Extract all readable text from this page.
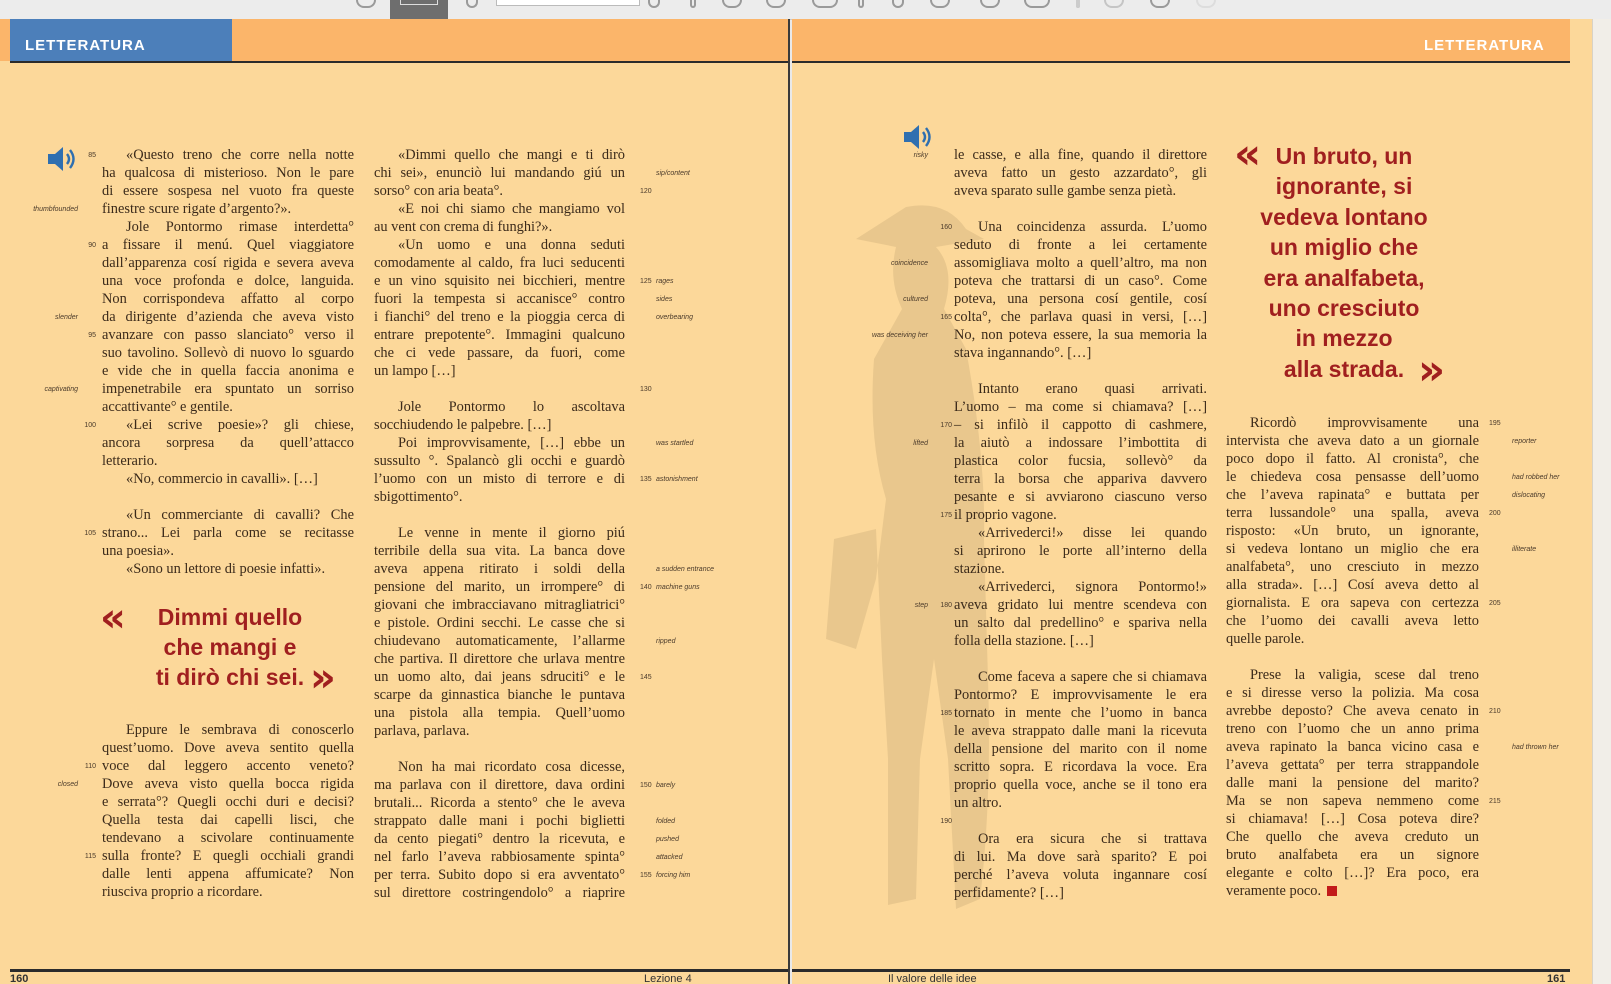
LETTERATURA
«Questo treno che corre nella notte
ha qualcosa di misterioso. Non le pare
di essere sospesa nel vuoto fra queste
finestre scure rigate d’argento?».
Jole Pontormo rimase interdetta°
a fissare il menú. Quel viaggiatore
dall’apparenza cosí rigida e severa aveva
una voce profonda e dolce, languida.
Non corrispondeva affatto al corpo
da dirigente d’azienda che aveva visto
avanzare con passo slanciato° verso il
suo tavolino. Sollevò di nuovo lo sguardo
e vide che in quella faccia anonima e
impenetrabile era spuntato un sorriso
accattivante° e gentile.
«Lei scrive poesie»? gli chiese,
ancora sorpresa da quell’attacco
letterario.
«No, commercio in cavalli». […]
«Un commerciante di cavalli? Che
strano... Lei parla come se recitasse
una poesia».
«Sono un lettore di poesie infatti».
85
90
95
100
105
thumbfounded
slender
captivating
«	Dimmi quello
che mangi e
ti dirò chi sei. »
Eppure le sembrava di conoscerlo
quest’uomo. Dove aveva sentito quella
voce dal leggero accento veneto?
Dove aveva visto quella bocca rigida
e serrata°? Quegli occhi duri e decisi?
Quella testa dai capelli lisci, che
tendevano a scivolare continuamente
sulla fronte? E quegli occhiali grandi
dalle lenti appena affumicate? Non
riusciva proprio a ricordare.
110
115
closed
«Dimmi quello che mangi e ti dirò
chi sei», enunciò lui mandando giú un
sorso° con aria beata°.
«E noi chi siamo che mangiamo vol
au vent con crema di funghi?».
«Un uomo e una donna seduti
comodamente al caldo, fra luci seducenti
e un vino squisito nei bicchieri, mentre
fuori la tempesta si accanisce° contro
i fianchi° del treno e la pioggia cerca di
entrare prepotente°. Immagini qualcuno
che ci vede passare, da fuori, come
un lampo […]
Jole Pontormo lo ascoltava
socchiudendo le palpebre. […]
Poi improvvisamente, […] ebbe un
sussulto °. Spalancò gli occhi e guardò
l’uomo con un misto di terrore e di
sbigottimento°.
Le venne in mente il giorno piú
terribile della sua vita. La banca dove
aveva appena ritirato i soldi della
pensione del marito, un irrompere° di
giovani che imbracciavano mitragliatrici°
e pistole. Ordini secchi. Le casse che si
chiudevano automaticamente, l’allarme
che partiva. Il direttore che urlava mentre
un uomo alto, dai jeans sdruciti° e le
scarpe da ginnastica bianche le puntava
una pistola alla tempia. Quell’uomo
parlava, parlava.
Non ha mai ricordato cosa dicesse,
ma parlava con il direttore, dava ordini
brutali... Ricorda a stento° che le aveva
strappato dalle mani i pochi biglietti
da cento piegati° dentro la ricevuta, e
nel farlo l’aveva rabbiosamente spinta°
per terra. Subito dopo si era avventato°
sul direttore costringendolo° a riaprire
120
125
130
135
140
145
150
155
sip/content
rages
sides
overbearing
was startled
astonishment
a sudden entrance
machine guns
ripped
barely
folded
pushed
attacked
forcing him
160	Lezione 4
LETTERATURA
le casse, e alla fine, quando il direttore
aveva fatto un gesto azzardato°, gli
aveva sparato sulle gambe senza pietà.
Una coincidenza assurda. L’uomo
seduto di fronte a lei certamente
assomigliava molto a quell’altro, ma non
poteva che trattarsi di un caso°. Come
poteva, una persona cosí gentile, cosí
colta°, che parlava quasi in versi, […]
No, non poteva essere, la sua memoria la
stava ingannando°. […]
Intanto erano quasi arrivati.
L’uomo – ma come si chiamava? […]
– si infilò il cappotto di cashmere,
la aiutò a indossare l’imbottita di
plastica color fucsia, sollevò° da
terra la borsa che appariva davvero
pesante e si avviarono ciascuno verso
il proprio vagone.
«Arrivederci!» disse lei quando
si aprirono le porte all’interno della
stazione.
«Arrivederci, signora Pontormo!»
aveva gridato lui mentre scendeva con
un salto dal predellino° e spariva nella
folla della stazione. […]
Come faceva a sapere che si chiamava
Pontormo? E improvvisamente le era
tornato in mente che l’uomo in banca
le aveva strappato dalle mani la ricevuta
della pensione del marito con il nome
scritto sopra. E ricordava la voce. Era
proprio quella voce, anche se il tono era
un altro.
Ora era sicura che si trattava
di lui. Ma dove sarà sparito? E poi
perché l’aveva voluta ingannare cosí
perfidamente? […]
160
165
170
175
180
185
190
risky
coincidence
cultured
was deceiving her
lifted
step
« Un bruto, un
ignorante, si
vedeva lontano
un miglio che
era analfabeta,
uno cresciuto
in mezzo
alla strada. »
Ricordò improvvisamente una
intervista che aveva dato a un giornale
poco dopo il fatto. Al cronista°, che
le chiedeva cosa pensasse dell’uomo
che l’aveva rapinata° e buttata per
terra lussandole° una spalla, aveva
risposto: «Un bruto, un ignorante,
si vedeva lontano un miglio che era
analfabeta°, uno cresciuto in mezzo
alla strada». […] Cosí aveva detto al
giornalista. E ora sapeva con certezza
che l’uomo dei cavalli aveva letto
quelle parole.
Prese la valigia, scese dal treno
e si diresse verso la polizia. Ma cosa
avrebbe deposto? Che aveva cenato in
treno con l’uomo che un anno prima
aveva rapinato la banca vicino casa e
l’aveva gettata° per terra strappandole
dalle mani la pensione del marito?
Ma se non sapeva nemmeno come
si chiamava! […] Cosa poteva dire?
Che quello che aveva creduto un
bruto analfabeta era un signore
elegante e colto […]? Era poco, era
veramente poco.
195
200
205
210
215
reporter
had robbed her
dislocating
illiterate
had thrown her
Il valore delle idee	161
